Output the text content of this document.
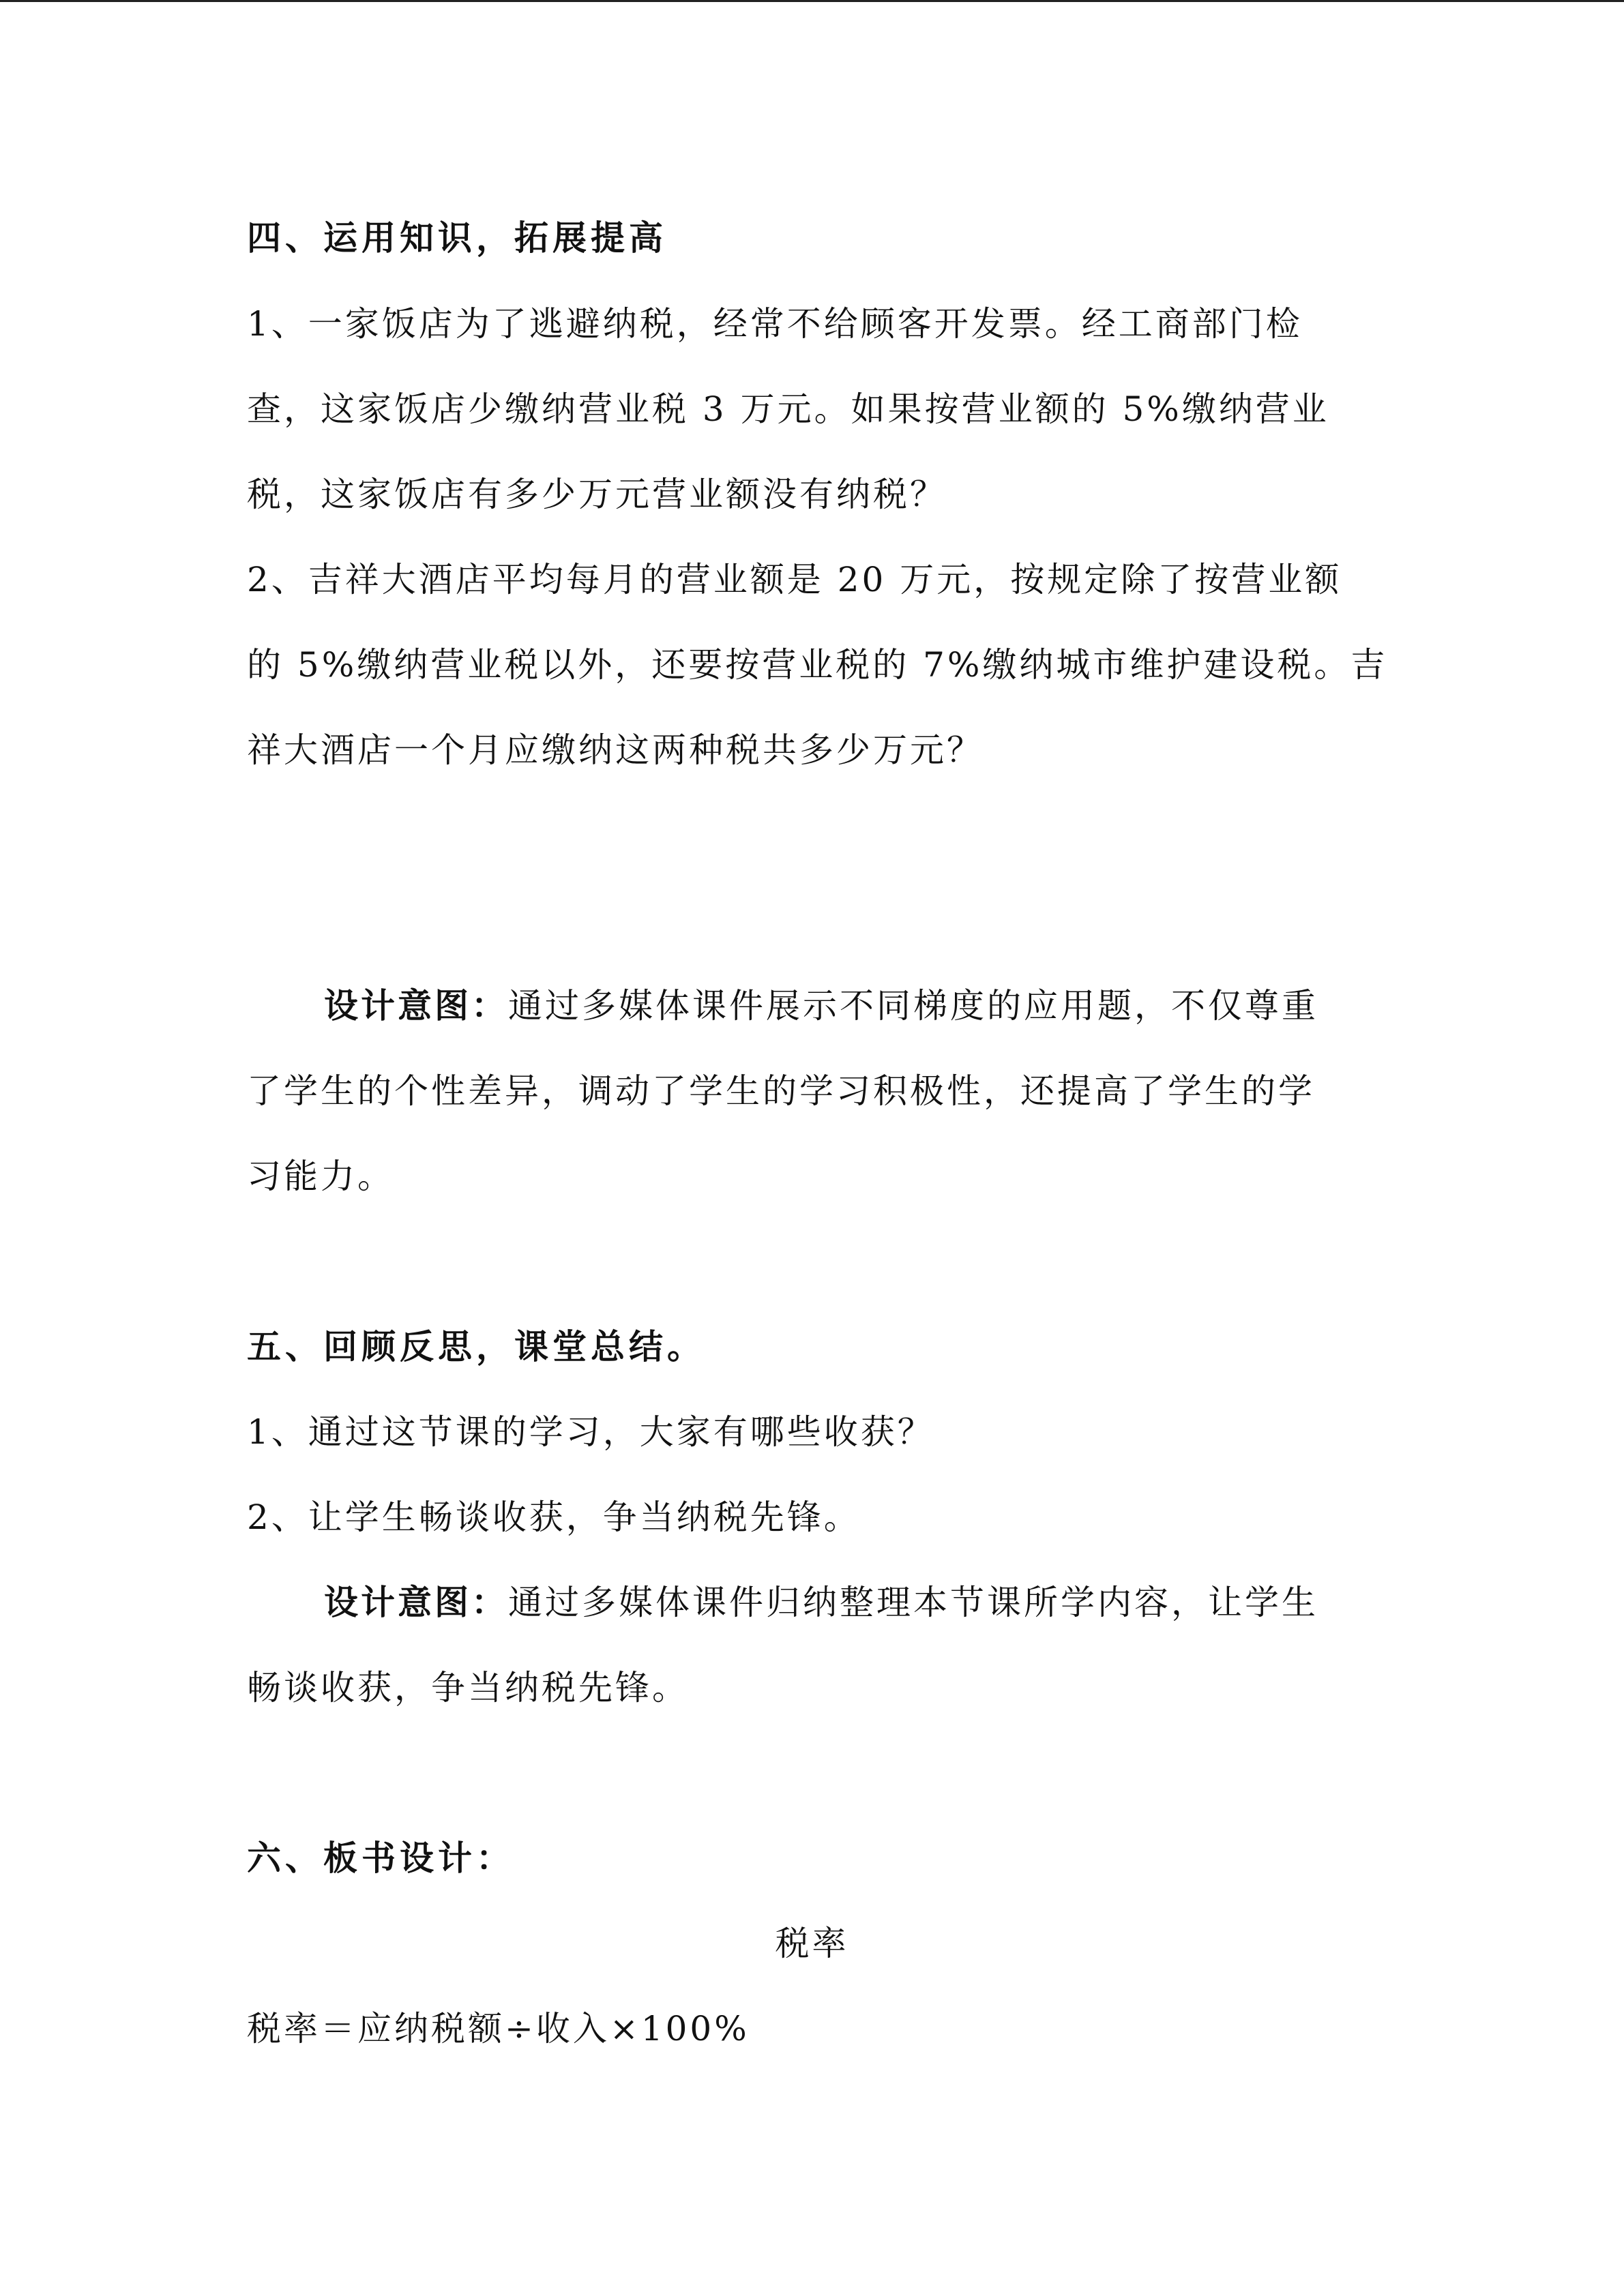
四、运用知识，拓展提高
1、一家饭店为了逃避纳税，经常不给顾客开发票。经工商部门检
查，这家饭店少缴纳营业税 3 万元。如果按营业额的 5%缴纳营业
税，这家饭店有多少万元营业额没有纳税？
2、吉祥大酒店平均每月的营业额是 20 万元，按规定除了按营业额
的 5%缴纳营业税以外，还要按营业税的 7%缴纳城市维护建设税。吉
祥大酒店一个月应缴纳这两种税共多少万元？
设计意图：通过多媒体课件展示不同梯度的应用题，不仅尊重
了学生的个性差异，调动了学生的学习积极性，还提高了学生的学
习能力。
五、回顾反思，课堂总结。
1、通过这节课的学习，大家有哪些收获？
2、让学生畅谈收获，争当纳税先锋。
设计意图：通过多媒体课件归纳整理本节课所学内容，让学生
畅谈收获，争当纳税先锋。
六、板书设计：
税率
税率＝应纳税额÷收入×100%
